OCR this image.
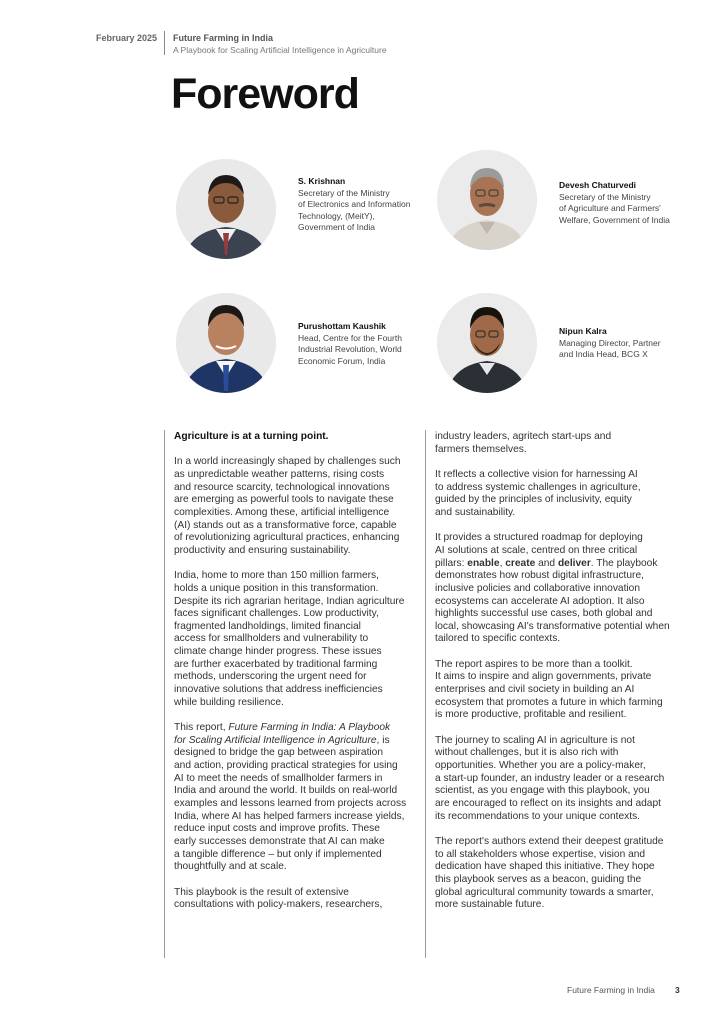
February 2025 Future Farming in India
A Playbook for Scaling Artificial Intelligence in Agriculture
Foreword
S. Krishnan
Secretary of the Ministry
of Electronics and Information
Technology, (MeitY),
Government of India
Devesh Chaturvedi
Secretary of the Ministry
of Agriculture and Farmers'
Welfare, Government of India
Purushottam Kaushik
Head, Centre for the Fourth
Industrial Revolution, World
Economic Forum, India
Nipun Kalra
Managing Director, Partner
and India Head, BCG X

Agriculture is at a turning point.

In a world increasingly shaped by challenges such
as unpredictable weather patterns, rising costs
and resource scarcity, technological innovations
are emerging as powerful tools to navigate these
complexities. Among these, artificial intelligence
(AI) stands out as a transformative force, capable
of revolutionizing agricultural practices, enhancing
productivity and ensuring sustainability.

India, home to more than 150 million farmers,
holds a unique position in this transformation.
Despite its rich agrarian heritage, Indian agriculture
faces significant challenges. Low productivity,
fragmented landholdings, limited financial
access for smallholders and vulnerability to
climate change hinder progress. These issues
are further exacerbated by traditional farming
methods, underscoring the urgent need for
innovative solutions that address inefficiencies
while building resilience.

This report, Future Farming in India: A Playbook
for Scaling Artificial Intelligence in Agriculture, is
designed to bridge the gap between aspiration
and action, providing practical strategies for using
AI to meet the needs of smallholder farmers in
India and around the world. It builds on real-world
examples and lessons learned from projects across
India, where AI has helped farmers increase yields,
reduce input costs and improve profits. These
early successes demonstrate that AI can make
a tangible difference – but only if implemented
thoughtfully and at scale.

This playbook is the result of extensive
consultations with policy-makers, researchers,

industry leaders, agritech start-ups and
farmers themselves.

It reflects a collective vision for harnessing AI
to address systemic challenges in agriculture,
guided by the principles of inclusivity, equity
and sustainability.

It provides a structured roadmap for deploying
AI solutions at scale, centred on three critical
pillars: enable, create and deliver. The playbook
demonstrates how robust digital infrastructure,
inclusive policies and collaborative innovation
ecosystems can accelerate AI adoption. It also
highlights successful use cases, both global and
local, showcasing AI's transformative potential when
tailored to specific contexts.

The report aspires to be more than a toolkit.
It aims to inspire and align governments, private
enterprises and civil society in building an AI
ecosystem that promotes a future in which farming
is more productive, profitable and resilient.

The journey to scaling AI in agriculture is not
without challenges, but it is also rich with
opportunities. Whether you are a policy-maker,
a start-up founder, an industry leader or a research
scientist, as you engage with this playbook, you
are encouraged to reflect on its insights and adapt
its recommendations to your unique contexts.

The report's authors extend their deepest gratitude
to all stakeholders whose expertise, vision and
dedication have shaped this initiative. They hope
this playbook serves as a beacon, guiding the
global agricultural community towards a smarter,
more sustainable future.

Future Farming in India 3
